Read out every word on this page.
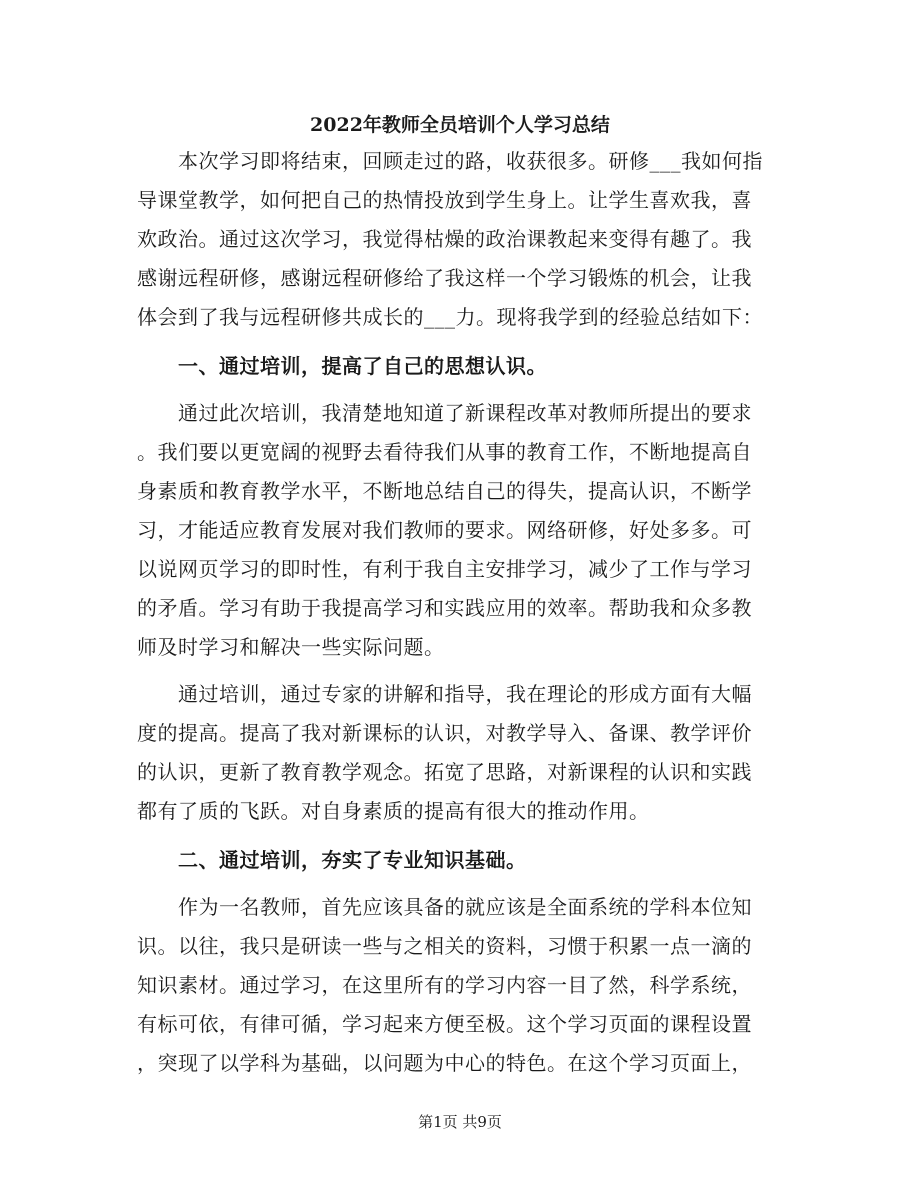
2022年教师全员培训个人学习总结
　　本次学习即将结束，回顾走过的路，收获很多。研修___我如何指
导课堂教学，如何把自己的热情投放到学生身上。让学生喜欢我，喜
欢政治。通过这次学习，我觉得枯燥的政治课教起来变得有趣了。我
感谢远程研修，感谢远程研修给了我这样一个学习锻炼的机会，让我
体会到了我与远程研修共成长的___力。现将我学到的经验总结如下：
　　一、通过培训，提高了自己的思想认识。
　　通过此次培训，我清楚地知道了新课程改革对教师所提出的要求
。我们要以更宽阔的视野去看待我们从事的教育工作，不断地提高自
身素质和教育教学水平，不断地总结自己的得失，提高认识，不断学
习，才能适应教育发展对我们教师的要求。网络研修，好处多多。可
以说网页学习的即时性，有利于我自主安排学习，减少了工作与学习
的矛盾。学习有助于我提高学习和实践应用的效率。帮助我和众多教
师及时学习和解决一些实际问题。
　　通过培训，通过专家的讲解和指导，我在理论的形成方面有大幅
度的提高。提高了我对新课标的认识，对教学导入、备课、教学评价
的认识，更新了教育教学观念。拓宽了思路，对新课程的认识和实践
都有了质的飞跃。对自身素质的提高有很大的推动作用。
　　二、通过培训，夯实了专业知识基础。
　　作为一名教师，首先应该具备的就应该是全面系统的学科本位知
识。以往，我只是研读一些与之相关的资料，习惯于积累一点一滴的
知识素材。通过学习，在这里所有的学习内容一目了然，科学系统，
有标可依，有律可循，学习起来方便至极。这个学习页面的课程设置
，突现了以学科为基础，以问题为中心的特色。在这个学习页面上，
第1页 共9页
